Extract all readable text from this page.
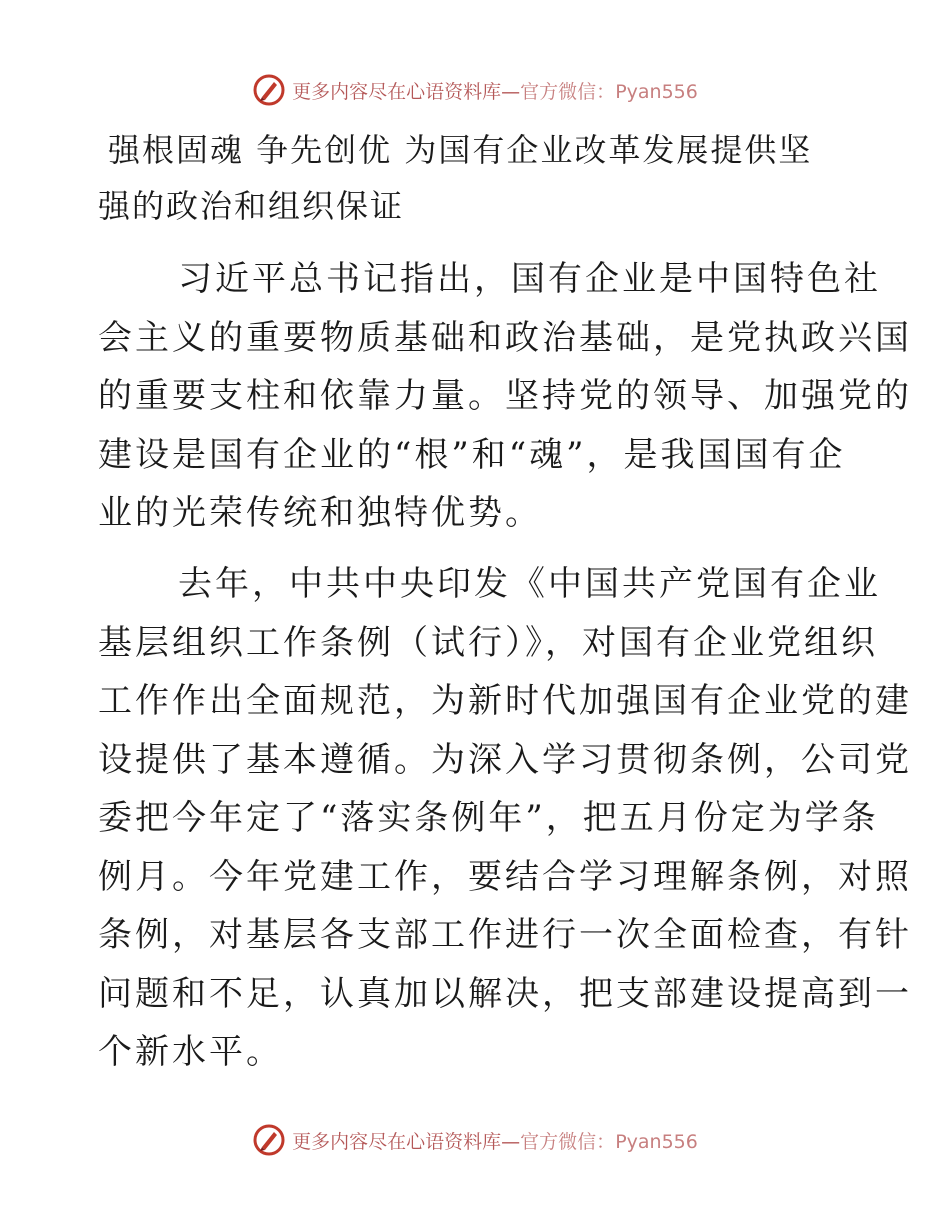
更多内容尽在心语资料库—官方微信：Pyan556
强根固魂 争先创优 为国有企业改革发展提供坚
强的政治和组织保证

习近平总书记指出，国有企业是中国特色社
会主义的重要物质基础和政治基础，是党执政兴国
的重要支柱和依靠力量。坚持党的领导、加强党的
建设是国有企业的“根”和“魂”，是我国国有企
业的光荣传统和独特优势。

去年，中共中央印发《中国共产党国有企业
基层组织工作条例（试行）》，对国有企业党组织
工作作出全面规范，为新时代加强国有企业党的建
设提供了基本遵循。为深入学习贯彻条例，公司党
委把今年定了“落实条例年”，把五月份定为学条
例月。今年党建工作，要结合学习理解条例，对照
条例，对基层各支部工作进行一次全面检查，有针
问题和不足，认真加以解决，把支部建设提高到一
个新水平。

更多内容尽在心语资料库—官方微信：Pyan556
